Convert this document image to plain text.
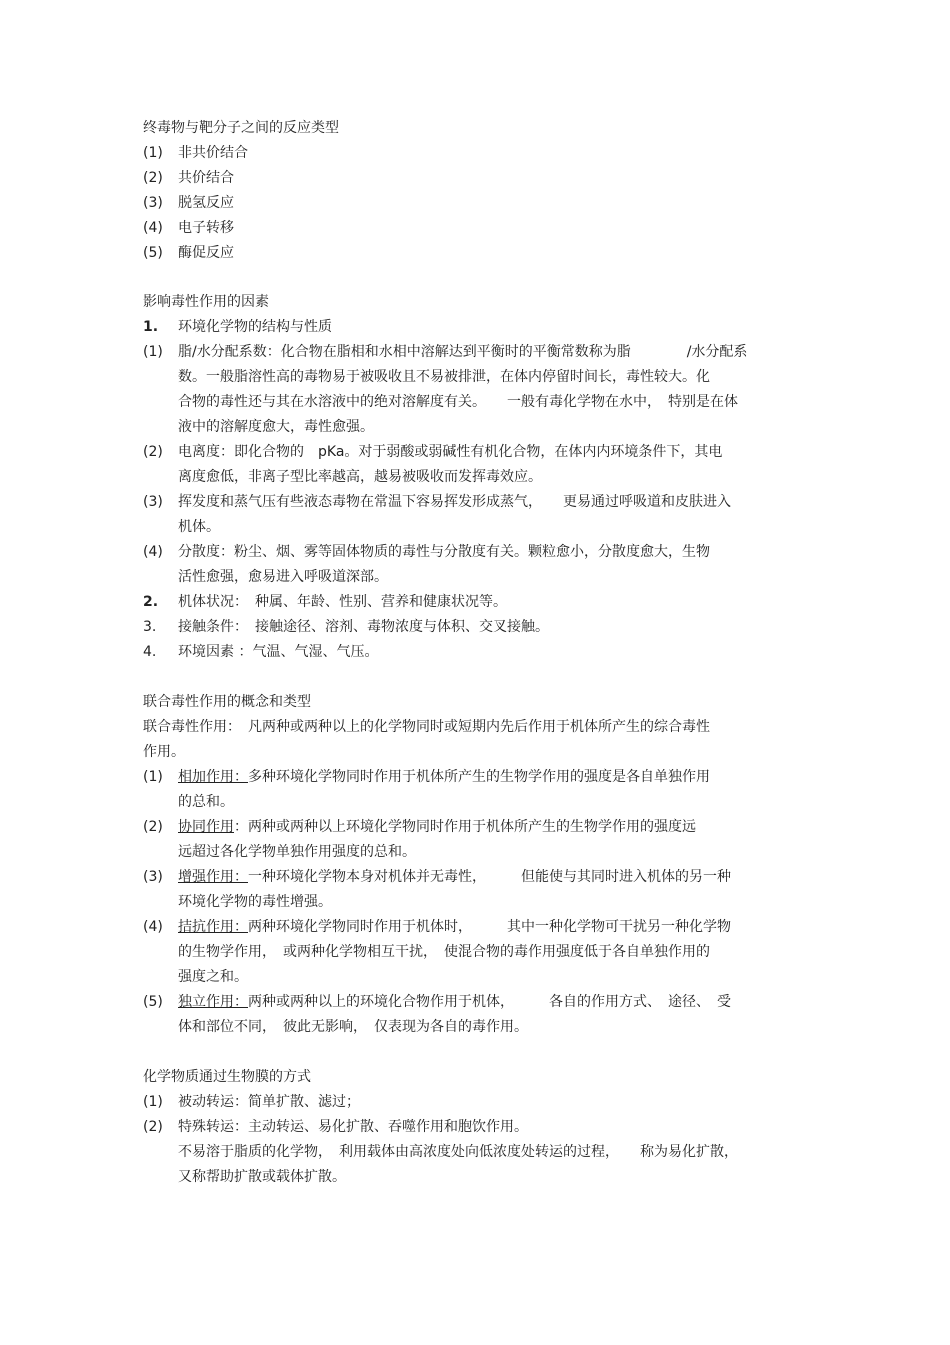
终毒物与靶分子之间的反应类型
(1)	非共价结合
(2)	共价结合
(3)	脱氢反应
(4)	电子转移
(5)	酶促反应
影响毒性作用的因素
1.	环境化学物的结构与性质
(1)	脂/水分配系数：化合物在脂相和水相中溶解达到平衡时的平衡常数称为脂　　　　/水分配系
数。一般脂溶性高的毒物易于被吸收且不易被排泄，在体内停留时间长，毒性较大。化
合物的毒性还与其在水溶液中的绝对溶解度有关。　　一般有毒化学物在水中，　特别是在体
液中的溶解度愈大，毒性愈强。
(2)	电离度：即化合物的　pKa。对于弱酸或弱碱性有机化合物，在体内内环境条件下，其电
离度愈低，非离子型比率越高，越易被吸收而发挥毒效应。
(3)	挥发度和蒸气压有些液态毒物在常温下容易挥发形成蒸气，　　更易通过呼吸道和皮肤进入
机体。
(4)	分散度：粉尘、烟、雾等固体物质的毒性与分散度有关。颗粒愈小，分散度愈大，生物
活性愈强，愈易进入呼吸道深部。
2.	机体状况：　种属、年龄、性别、营养和健康状况等。
3.	接触条件：　接触途径、溶剂、毒物浓度与体积、交叉接触。
4.	环境因素 ：气温、气湿、气压。
联合毒性作用的概念和类型
联合毒性作用：　凡两种或两种以上的化学物同时或短期内先后作用于机体所产生的综合毒性
作用。
(1)	相加作用：多种环境化学物同时作用于机体所产生的生物学作用的强度是各自单独作用
的总和。
(2)	协同作用：两种或两种以上环境化学物同时作用于机体所产生的生物学作用的强度远
远超过各化学物单独作用强度的总和。
(3)	增强作用：一种环境化学物本身对机体并无毒性，　　　但能使与其同时进入机体的另一种
环境化学物的毒性增强。
(4)	拮抗作用：两种环境化学物同时作用于机体时，　　　其中一种化学物可干扰另一种化学物
的生物学作用，　或两种化学物相互干扰，　使混合物的毒作用强度低于各自单独作用的
强度之和。
(5)	独立作用：两种或两种以上的环境化合物作用于机体，　　　各自的作用方式、　途径、　受
体和部位不同，　彼此无影响，　仅表现为各自的毒作用。
化学物质通过生物膜的方式
(1)	被动转运：简单扩散、滤过；
(2)	特殊转运：主动转运、易化扩散、吞噬作用和胞饮作用。
不易溶于脂质的化学物，　利用载体由高浓度处向低浓度处转运的过程，　　称为易化扩散，
又称帮助扩散或载体扩散。
